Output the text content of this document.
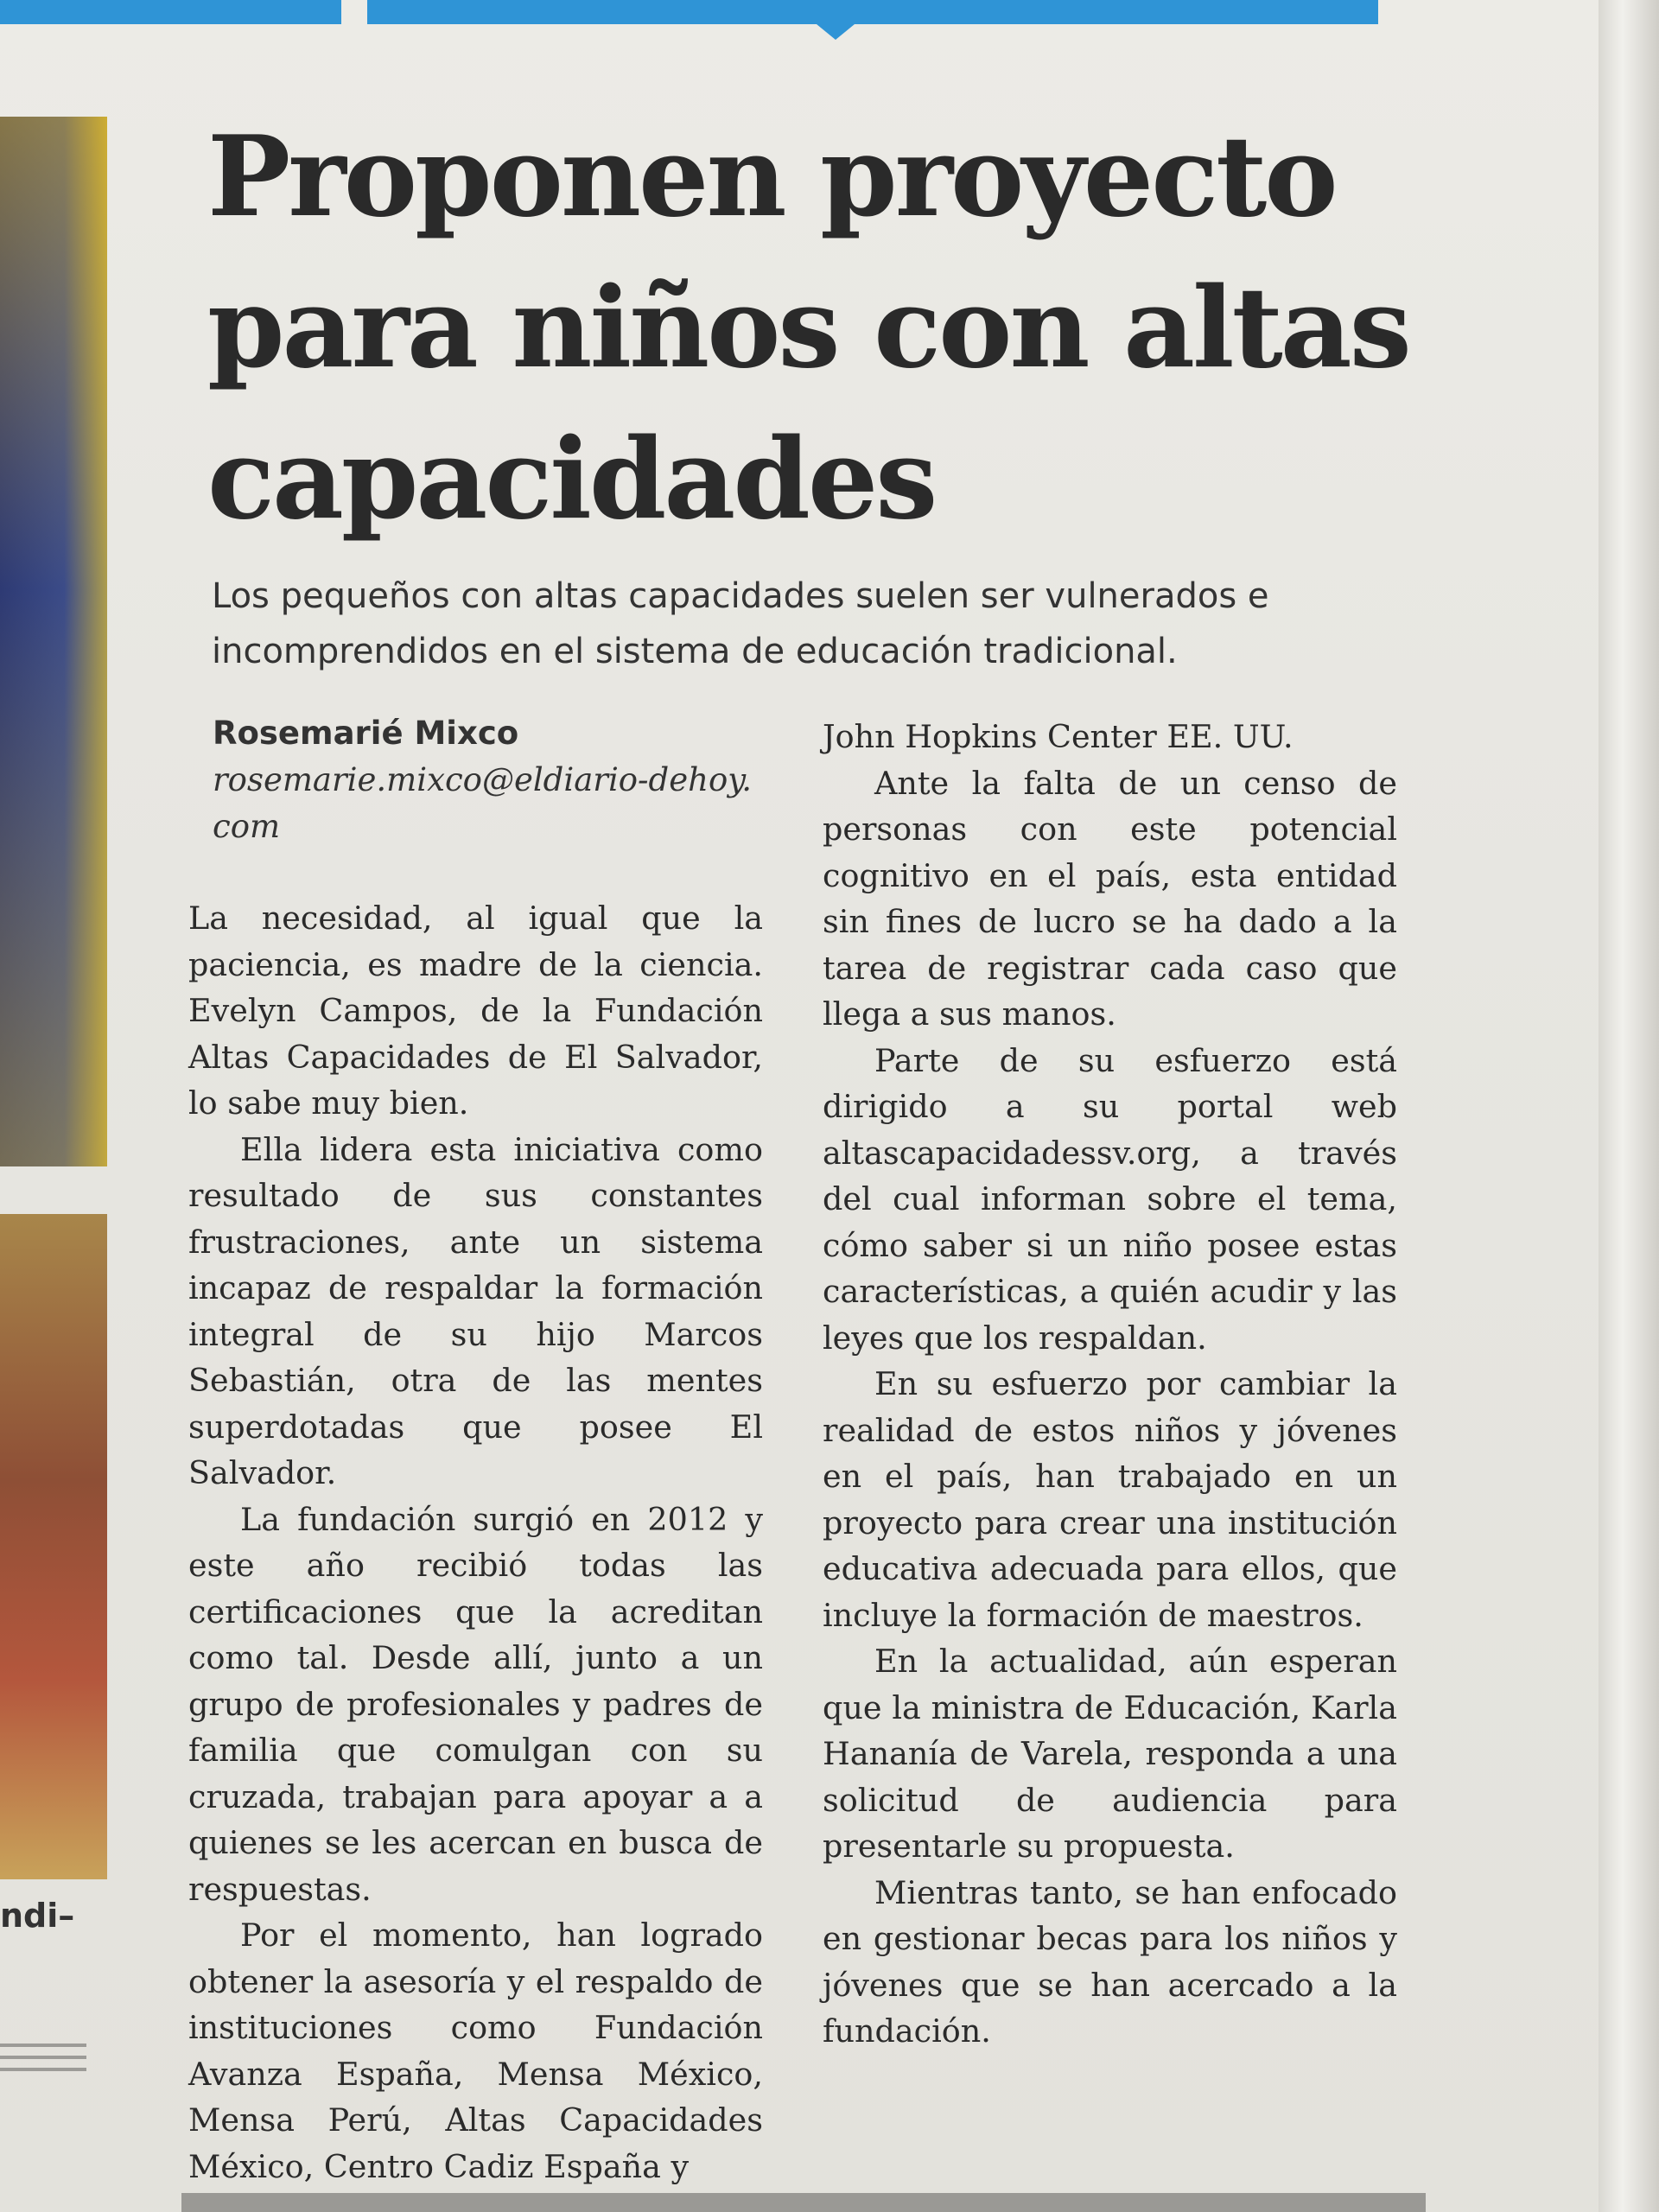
ndi–
Proponen proyecto para niños con altas capacidades

Los pequeños con altas capacidades suelen ser vulnerados e incomprendidos en el sistema de educación tradicional.

Rosemarié Mixco
rosemarie.mixco@eldiario-dehoy.com

La necesidad, al igual que la paciencia, es madre de la ciencia. Evelyn Campos, de la Fundación Altas Capacidades de El Salvador, lo sabe muy bien.

Ella lidera esta iniciativa como resultado de sus constantes frustraciones, ante un sistema incapaz de respaldar la formación integral de su hijo Marcos Sebastián, otra de las mentes superdotadas que posee El Salvador.

La fundación surgió en 2012 y este año recibió todas las certificaciones que la acreditan como tal. Desde allí, junto a un grupo de profesionales y padres de familia que comulgan con su cruzada, trabajan para apoyar a a quienes se les acercan en busca de respuestas.

Por el momento, han logrado obtener la asesoría y el respaldo de instituciones como Fundación Avanza España, Mensa México, Mensa Perú, Altas Capacidades México, Centro Cadiz España y

John Hopkins Center EE. UU.

Ante la falta de un censo de personas con este potencial cognitivo en el país, esta entidad sin fines de lucro se ha dado a la tarea de registrar cada caso que llega a sus manos.

Parte de su esfuerzo está dirigido a su portal web altascapacidadessv.org, a través del cual informan sobre el tema, cómo saber si un niño posee estas características, a quién acudir y las leyes que los respaldan.

En su esfuerzo por cambiar la realidad de estos niños y jóvenes en el país, han trabajado en un proyecto para crear una institución educativa adecuada para ellos, que incluye la formación de maestros.

En la actualidad, aún esperan que la ministra de Educación, Karla Hananía de Varela, responda a una solicitud de audiencia para presentarle su propuesta.

Mientras tanto, se han enfocado en gestionar becas para los niños y jóvenes que se han acercado a la fundación.
